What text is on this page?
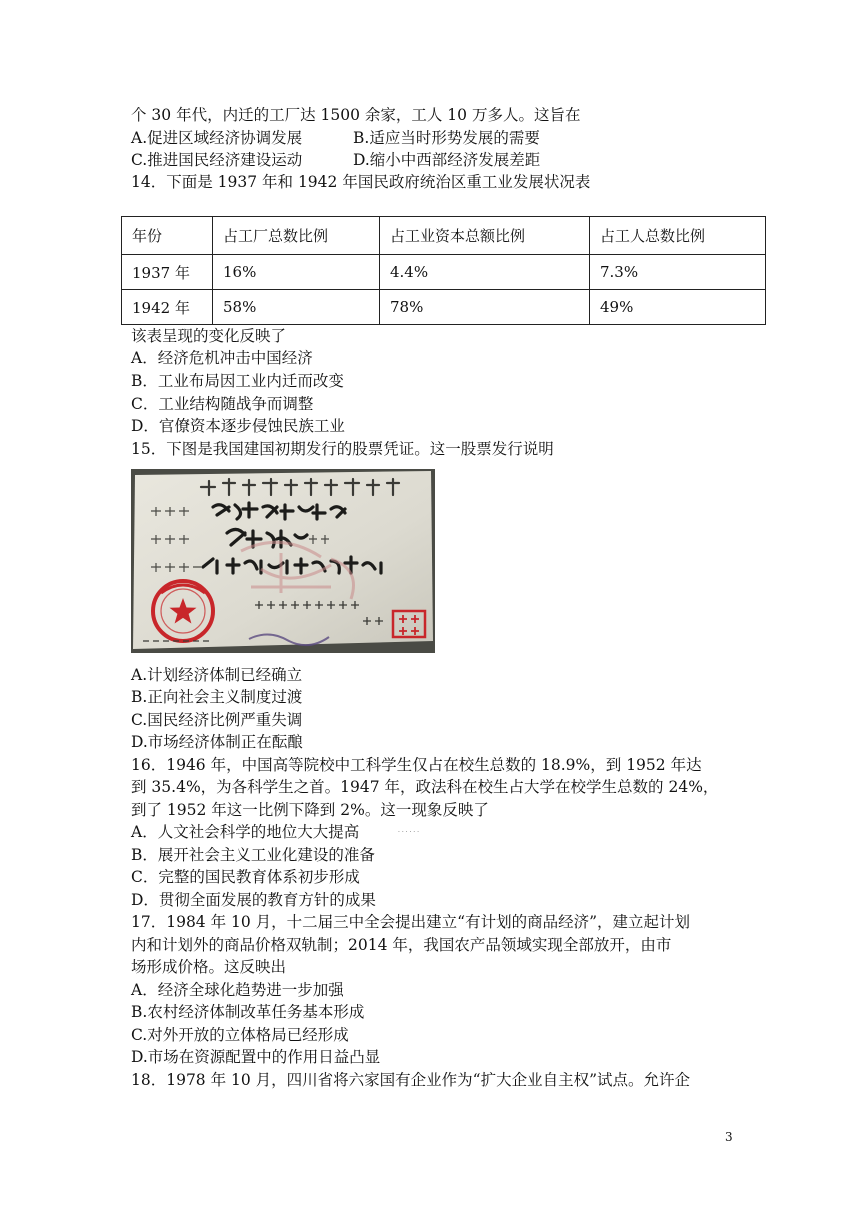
个 30 年代，内迁的工厂达 1500 余家，工人 10 万多人。这旨在
A.促进区域经济协调发展	B.适应当时形势发展的需要
C.推进国民经济建设运动	D.缩小中西部经济发展差距
14．下面是 1937 年和 1942 年国民政府统治区重工业发展状况表
年份	占工厂总数比例	占工业资本总额比例	占工人总数比例
1937 年	16%	4.4%	7.3%
1942 年	58%	78%	49%
该表呈现的变化反映了
A．经济危机冲击中国经济
B．工业布局因工业内迁而改变
C．工业结构随战争而调整
D．官僚资本逐步侵蚀民族工业
15．下图是我国建国初期发行的股票凭证。这一股票发行说明
A.计划经济体制已经确立
B.正向社会主义制度过渡
C.国民经济比例严重失调
D.市场经济体制正在酝酿
16．1946 年，中国高等院校中工科学生仅占在校生总数的 18.9%，到 1952 年达
到 35.4%，为各科学生之首。1947 年，政法科在校生占大学在校学生总数的 24%，
到了 1952 年这一比例下降到 2%。这一现象反映了
A．人文社会科学的地位大大提高	· · · · · ·
B．展开社会主义工业化建设的准备
C．完整的国民教育体系初步形成
D．贯彻全面发展的教育方针的成果
17．1984 年 10 月，十二届三中全会提出建立“有计划的商品经济”，建立起计划
内和计划外的商品价格双轨制；2014 年，我国农产品领域实现全部放开，由市
场形成价格。这反映出
A．经济全球化趋势进一步加强
B.农村经济体制改革任务基本形成
C.对外开放的立体格局已经形成
D.市场在资源配置中的作用日益凸显
18．1978 年 10 月，四川省将六家国有企业作为“扩大企业自主权”试点。允许企
3
